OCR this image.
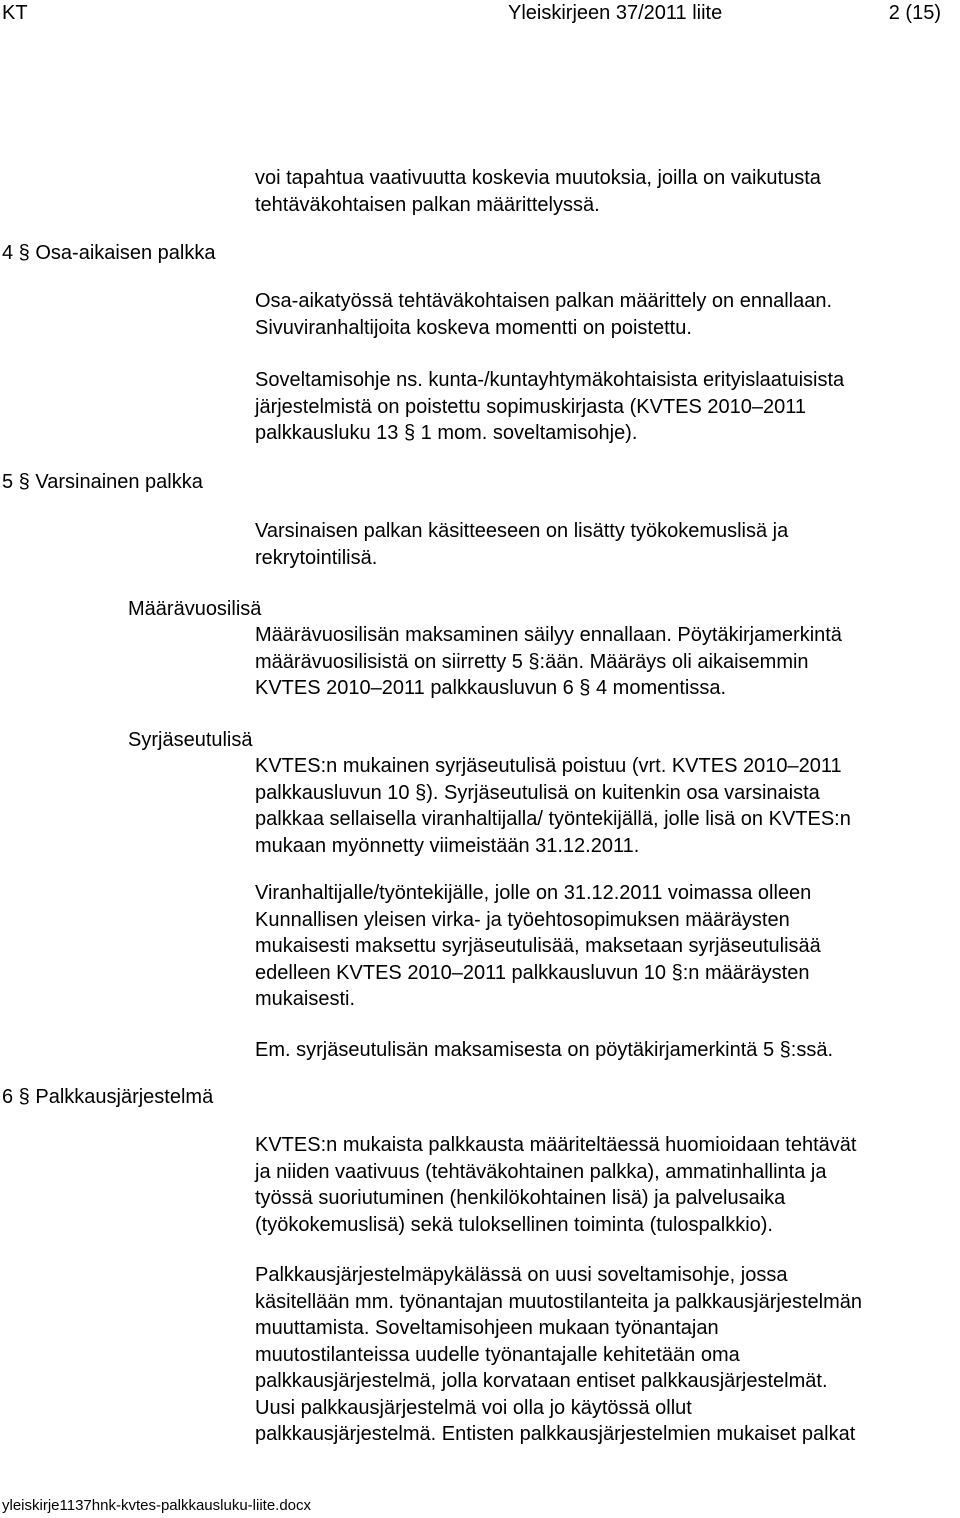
KT	Yleiskirjeen 37/2011 liite	2 (15)
4 § Osa-aikaisen palkka
5 § Varsinainen palkka
6 § Palkkausjärjestelmä
Määrävuosilisä
Syrjäseutulisä
voi tapahtua vaativuutta koskevia muutoksia, joilla on vaikutusta
tehtäväkohtaisen palkan määrittelyssä.
Osa-aikatyössä tehtäväkohtaisen palkan määrittely on ennallaan.
Sivuviranhaltijoita koskeva momentti on poistettu.
Soveltamisohje ns. kunta-/kuntayhtymäkohtaisista erityislaatuisista
järjestelmistä on poistettu sopimuskirjasta (KVTES 2010–2011
palkkausluku 13 § 1 mom. soveltamisohje).
Varsinaisen palkan käsitteeseen on lisätty työkokemuslisä ja
rekrytointilisä.
Määrävuosilisän maksaminen säilyy ennallaan. Pöytäkirjamerkintä
määrävuosilisistä on siirretty 5 §:ään. Määräys oli aikaisemmin
KVTES 2010–2011 palkkausluvun 6 § 4 momentissa.
KVTES:n mukainen syrjäseutulisä poistuu (vrt. KVTES 2010–2011
palkkausluvun 10 §). Syrjäseutulisä on kuitenkin osa varsinaista
palkkaa sellaisella viranhaltijalla/ työntekijällä, jolle lisä on KVTES:n
mukaan myönnetty viimeistään 31.12.2011.
Viranhaltijalle/työntekijälle, jolle on 31.12.2011 voimassa olleen
Kunnallisen yleisen virka- ja työehtosopimuksen määräysten
mukaisesti maksettu syrjäseutulisää, maksetaan syrjäseutulisää
edelleen KVTES 2010–2011 palkkausluvun 10 §:n määräysten
mukaisesti.
Em. syrjäseutulisän maksamisesta on pöytäkirjamerkintä 5 §:ssä.
KVTES:n mukaista palkkausta määriteltäessä huomioidaan tehtävät
ja niiden vaativuus (tehtäväkohtainen palkka), ammatinhallinta ja
työssä suoriutuminen (henkilökohtainen lisä) ja palvelusaika
(työkokemuslisä) sekä tuloksellinen toiminta (tulospalkkio).
Palkkausjärjestelmäpykälässä on uusi soveltamisohje, jossa
käsitellään mm. työnantajan muutostilanteita ja palkkausjärjestelmän
muuttamista. Soveltamisohjeen mukaan työnantajan
muutostilanteissa uudelle työnantajalle kehitetään oma
palkkausjärjestelmä, jolla korvataan entiset palkkausjärjestelmät.
Uusi palkkausjärjestelmä voi olla jo käytössä ollut
palkkausjärjestelmä. Entisten palkkausjärjestelmien mukaiset palkat
yleiskirje1137hnk-kvtes-palkkausluku-liite.docx
